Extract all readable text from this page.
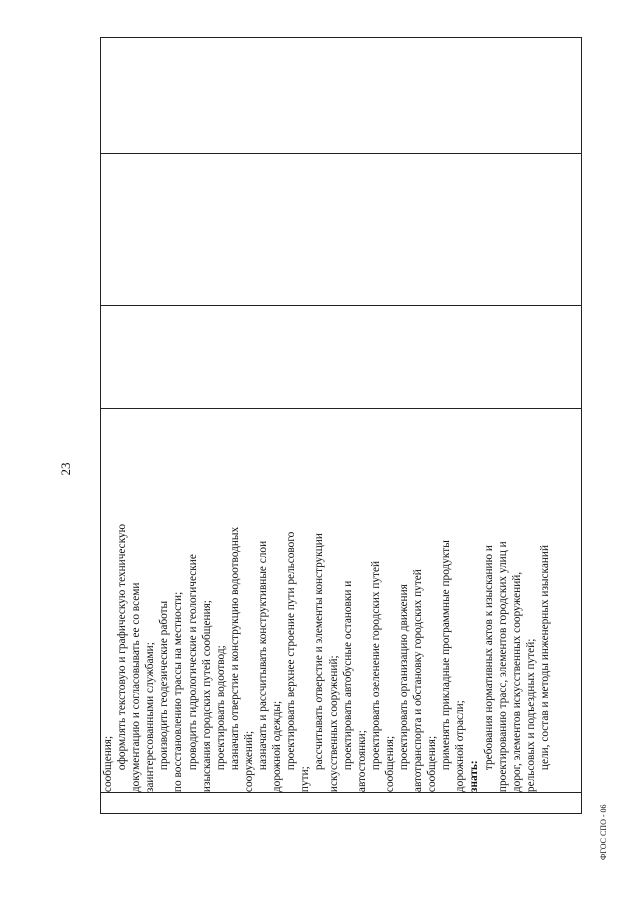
23

сообщения; оформлять текстовую и графическую техническую документацию и согласовывать ее со всеми заинтересованными службами; производить геодезические работы по восстановлению трассы на местности; проводить гидрологические и геологические изыскания городских путей сообщения; проектировать водоотвод; назначать отверстие и конструкцию водоотводных сооружений; назначать и рассчитывать конструктивные слои дорожной одежды; проектировать верхнее строение пути рельсового
пути;
рассчитывать отверстие и элементы конструкции искусственных сооружений; проектировать автобусные остановки и автостоянки; проектировать озеленение городских путей сообщения; проектировать организацию движения автотранспорта и обстановку городских путей сообщения; применять прикладные программные продукты дорожной отрасли; знать:
требования нормативных актов к изысканию и проектированию трасс, элементов городских улиц и дорог, элементов искусственных сооружений, рельсовых и подъездных путей; цели, состав и методы инженерных изысканий

ФГОС СПО - 06
